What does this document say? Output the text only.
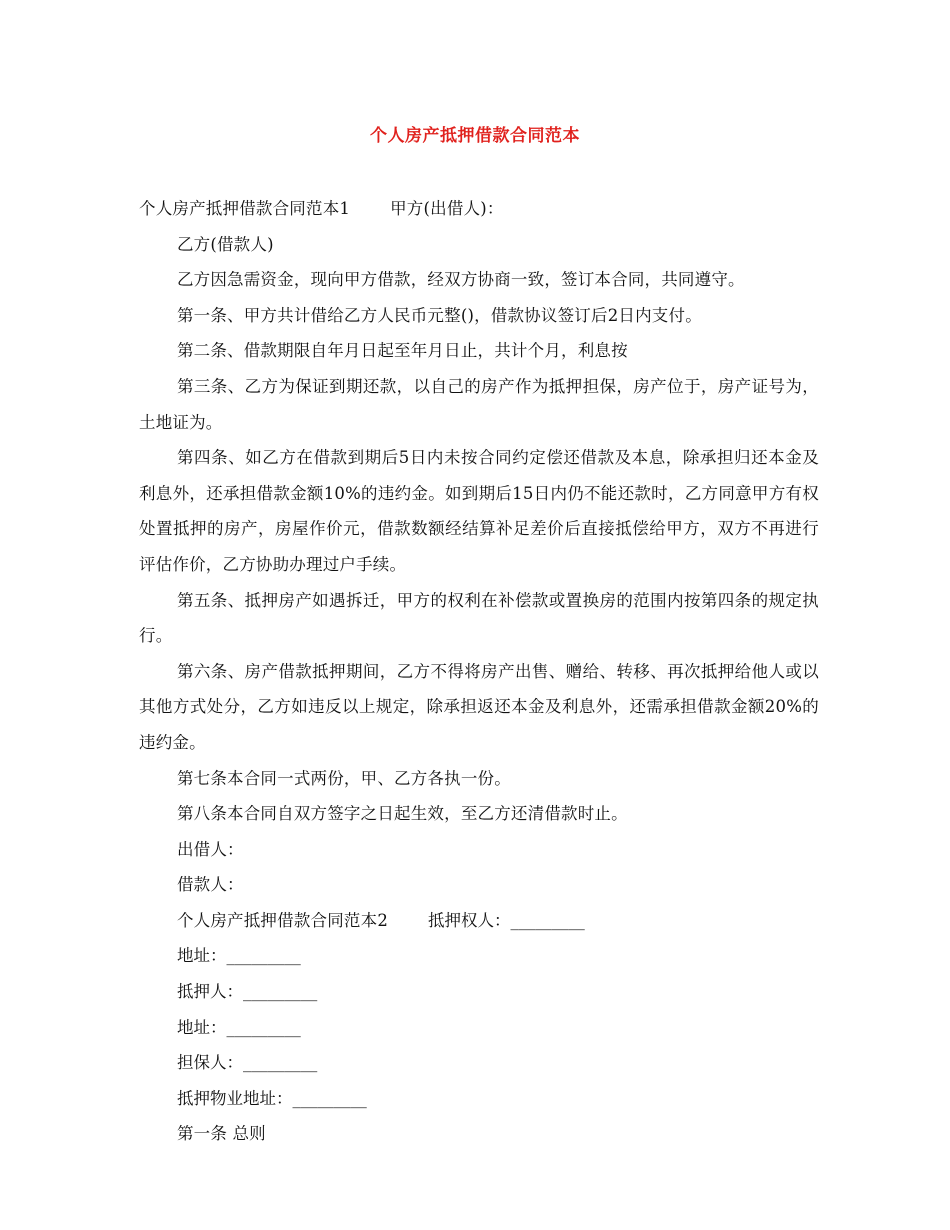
个人房产抵押借款合同范本

个人房产抵押借款合同范本1 甲方(出借人)：

乙方(借款人)

乙方因急需资金，现向甲方借款，经双方协商一致，签订本合同，共同遵守。

第一条、甲方共计借给乙方人民币元整()，借款协议签订后2日内支付。

第二条、借款期限自年月日起至年月日止，共计个月，利息按

第三条、乙方为保证到期还款，以自己的房产作为抵押担保，房产位于，房产证号为，土地证为。

第四条、如乙方在借款到期后5日内未按合同约定偿还借款及本息，除承担归还本金及利息外，还承担借款金额10%的违约金。如到期后15日内仍不能还款时，乙方同意甲方有权处置抵押的房产，房屋作价元，借款数额经结算补足差价后直接抵偿给甲方，双方不再进行评估作价，乙方协助办理过户手续。

第五条、抵押房产如遇拆迁，甲方的权利在补偿款或置换房的范围内按第四条的规定执行。

第六条、房产借款抵押期间，乙方不得将房产出售、赠给、转移、再次抵押给他人或以其他方式处分，乙方如违反以上规定，除承担返还本金及利息外，还需承担借款金额20%的违约金。

第七条本合同一式两份，甲、乙方各执一份。

第八条本合同自双方签字之日起生效，至乙方还清借款时止。

出借人：

借款人：

个人房产抵押借款合同范本2 抵押权人：_________

地址：_________

抵押人：_________

地址：_________

担保人：_________

抵押物业地址：_________

第一条 总则
